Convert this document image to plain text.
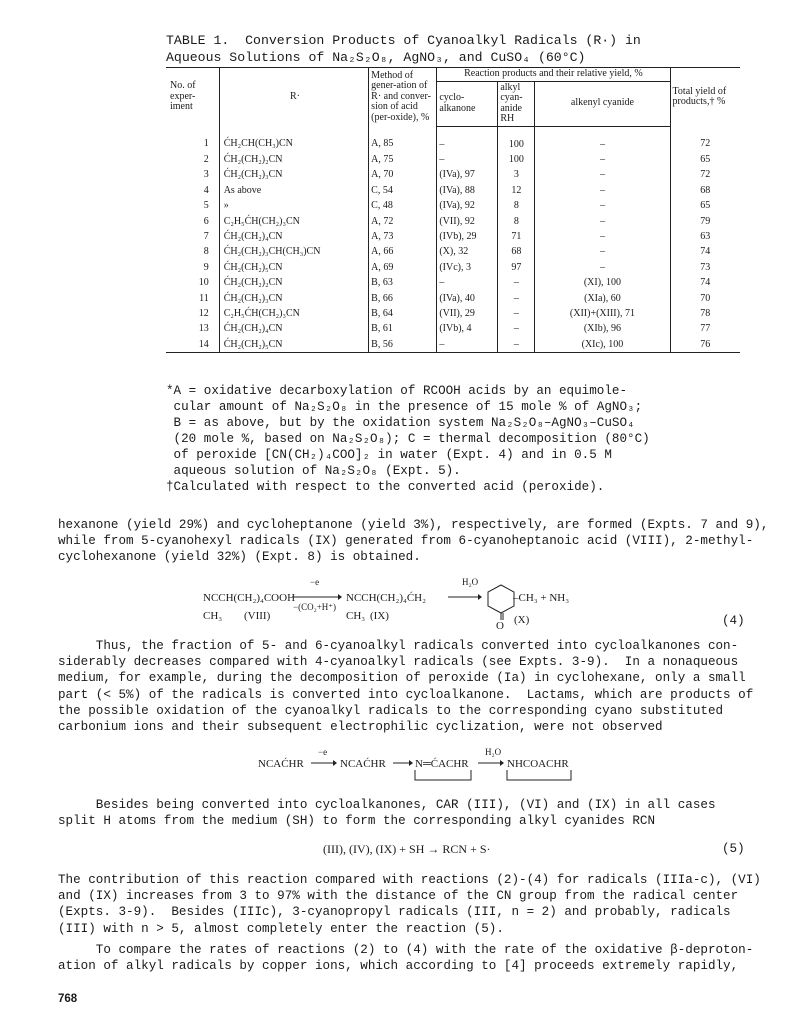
TABLE 1.  Conversion Products of Cyanoalkyl Radicals (R·) in
Aqueous Solutions of Na₂S₂O₈, AgNO₃, and CuSO₄ (60°C)
No. of exper-iment	R·	Method of gener-ation of R· and conver-sion of acid (per-oxide), %	Reaction products and their relative yield, %			Total yield of products,† %
			cyclo-alkanone	alkyl cyan-anide RH	alkenyl cyanide	
1	ĆH₂CH(CH₃)CN	A, 85	–	100	–	72
2	ĆH₂(CH₂)₂CN	A, 75	–	100	–	65
3	ĆH₂(CH₂)₃CN	A, 70	(IVa), 97	3	–	72
4	As above	C, 54	(IVa), 88	12	–	68
5	»	C, 48	(IVa), 92	8	–	65
6	C₂H₅ĆH(CH₂)₃CN	A, 72	(VII), 92	8	–	79
7	ĆH₂(CH₂)₄CN	A, 73	(IVb), 29	71	–	63
8	ĆH₂(CH₂)₃CH(CH₃)CN	A, 66	(X), 32	68	–	74
9	ĆH₂(CH₂)₅CN	A, 69	(IVc), 3	97	–	73
10	ĆH₂(CH₂)₂CN	B, 63	–	–	(XI), 100	74
11	ĆH₂(CH₂)₃CN	B, 66	(IVa), 40	–	(XIa), 60	70
12	C₂H₅ĆH(CH₂)₃CN	B, 64	(VII), 29	–	(XII)+(XIII), 71	78
13	ĆH₂(CH₂)₄CN	B, 61	(IVb), 4	–	(XIb), 96	77
14	ĆH₂(CH₂)₅CN	B, 56	–	–	(XIc), 100	76
*A = oxidative decarboxylation of RCOOH acids by an equimole-
cular amount of Na₂S₂O₈ in the presence of 15 mole % of AgNO₃;
B = as above, but by the oxidation system Na₂S₂O₈–AgNO₃–CuSO₄
(20 mole %, based on Na₂S₂O₈); C = thermal decomposition (80°C)
of peroxide [CN(CH₂)₄COO]₂ in water (Expt. 4) and in 0.5 M
aqueous solution of Na₂S₂O₈ (Expt. 5).
†Calculated with respect to the converted acid (peroxide).
hexanone (yield 29%) and cycloheptanone (yield 3%), respectively, are formed (Expts. 7 and 9),
while from 5-cyanohexyl radicals (IX) generated from 6-cyanoheptanoic acid (VIII), 2-methyl-
cyclohexanone (yield 32%) (Expt. 8) is obtained.
NCCH(CH₂)₄COOH
CH₃ (VIII)
−e
−(CO₂+H⁺)
NCCH(CH₂)₄ĆH₂
CH₃ (IX)
H₂O
–CH₃ + NH₃
O (X)	(4)
Thus, the fraction of 5- and 6-cyanoalkyl radicals converted into cycloalkanones con-
siderably decreases compared with 4-cyanoalkyl radicals (see Expts. 3-9).  In a nonaqueous
medium, for example, during the decomposition of peroxide (Ia) in cyclohexane, only a small
part (< 5%) of the radicals is converted into cycloalkanone.  Lactams, which are products of
the possible oxidation of the cyanoalkyl radicals to the corresponding cyano substituted
carbonium ions and their subsequent electrophilic cyclization, were not observed
NCAĆHR
−e
NCAĆHR	N═ĆACHR
H₂O
NHCOACHR
Besides being converted into cycloalkanones, CAR (III), (VI) and (IX) in all cases
split H atoms from the medium (SH) to form the corresponding alkyl cyanides RCN
(III), (IV), (IX) + SH → RCN + S·	(5)
The contribution of this reaction compared with reactions (2)-(4) for radicals (IIIa-c), (VI)
and (IX) increases from 3 to 97% with the distance of the CN group from the radical center
(Expts. 3-9).  Besides (IIIc), 3-cyanopropyl radicals (III, n = 2) and probably, radicals
(III) with n > 5, almost completely enter the reaction (5).
To compare the rates of reactions (2) to (4) with the rate of the oxidative β-deproton-
ation of alkyl radicals by copper ions, which according to [4] proceeds extremely rapidly,
768
